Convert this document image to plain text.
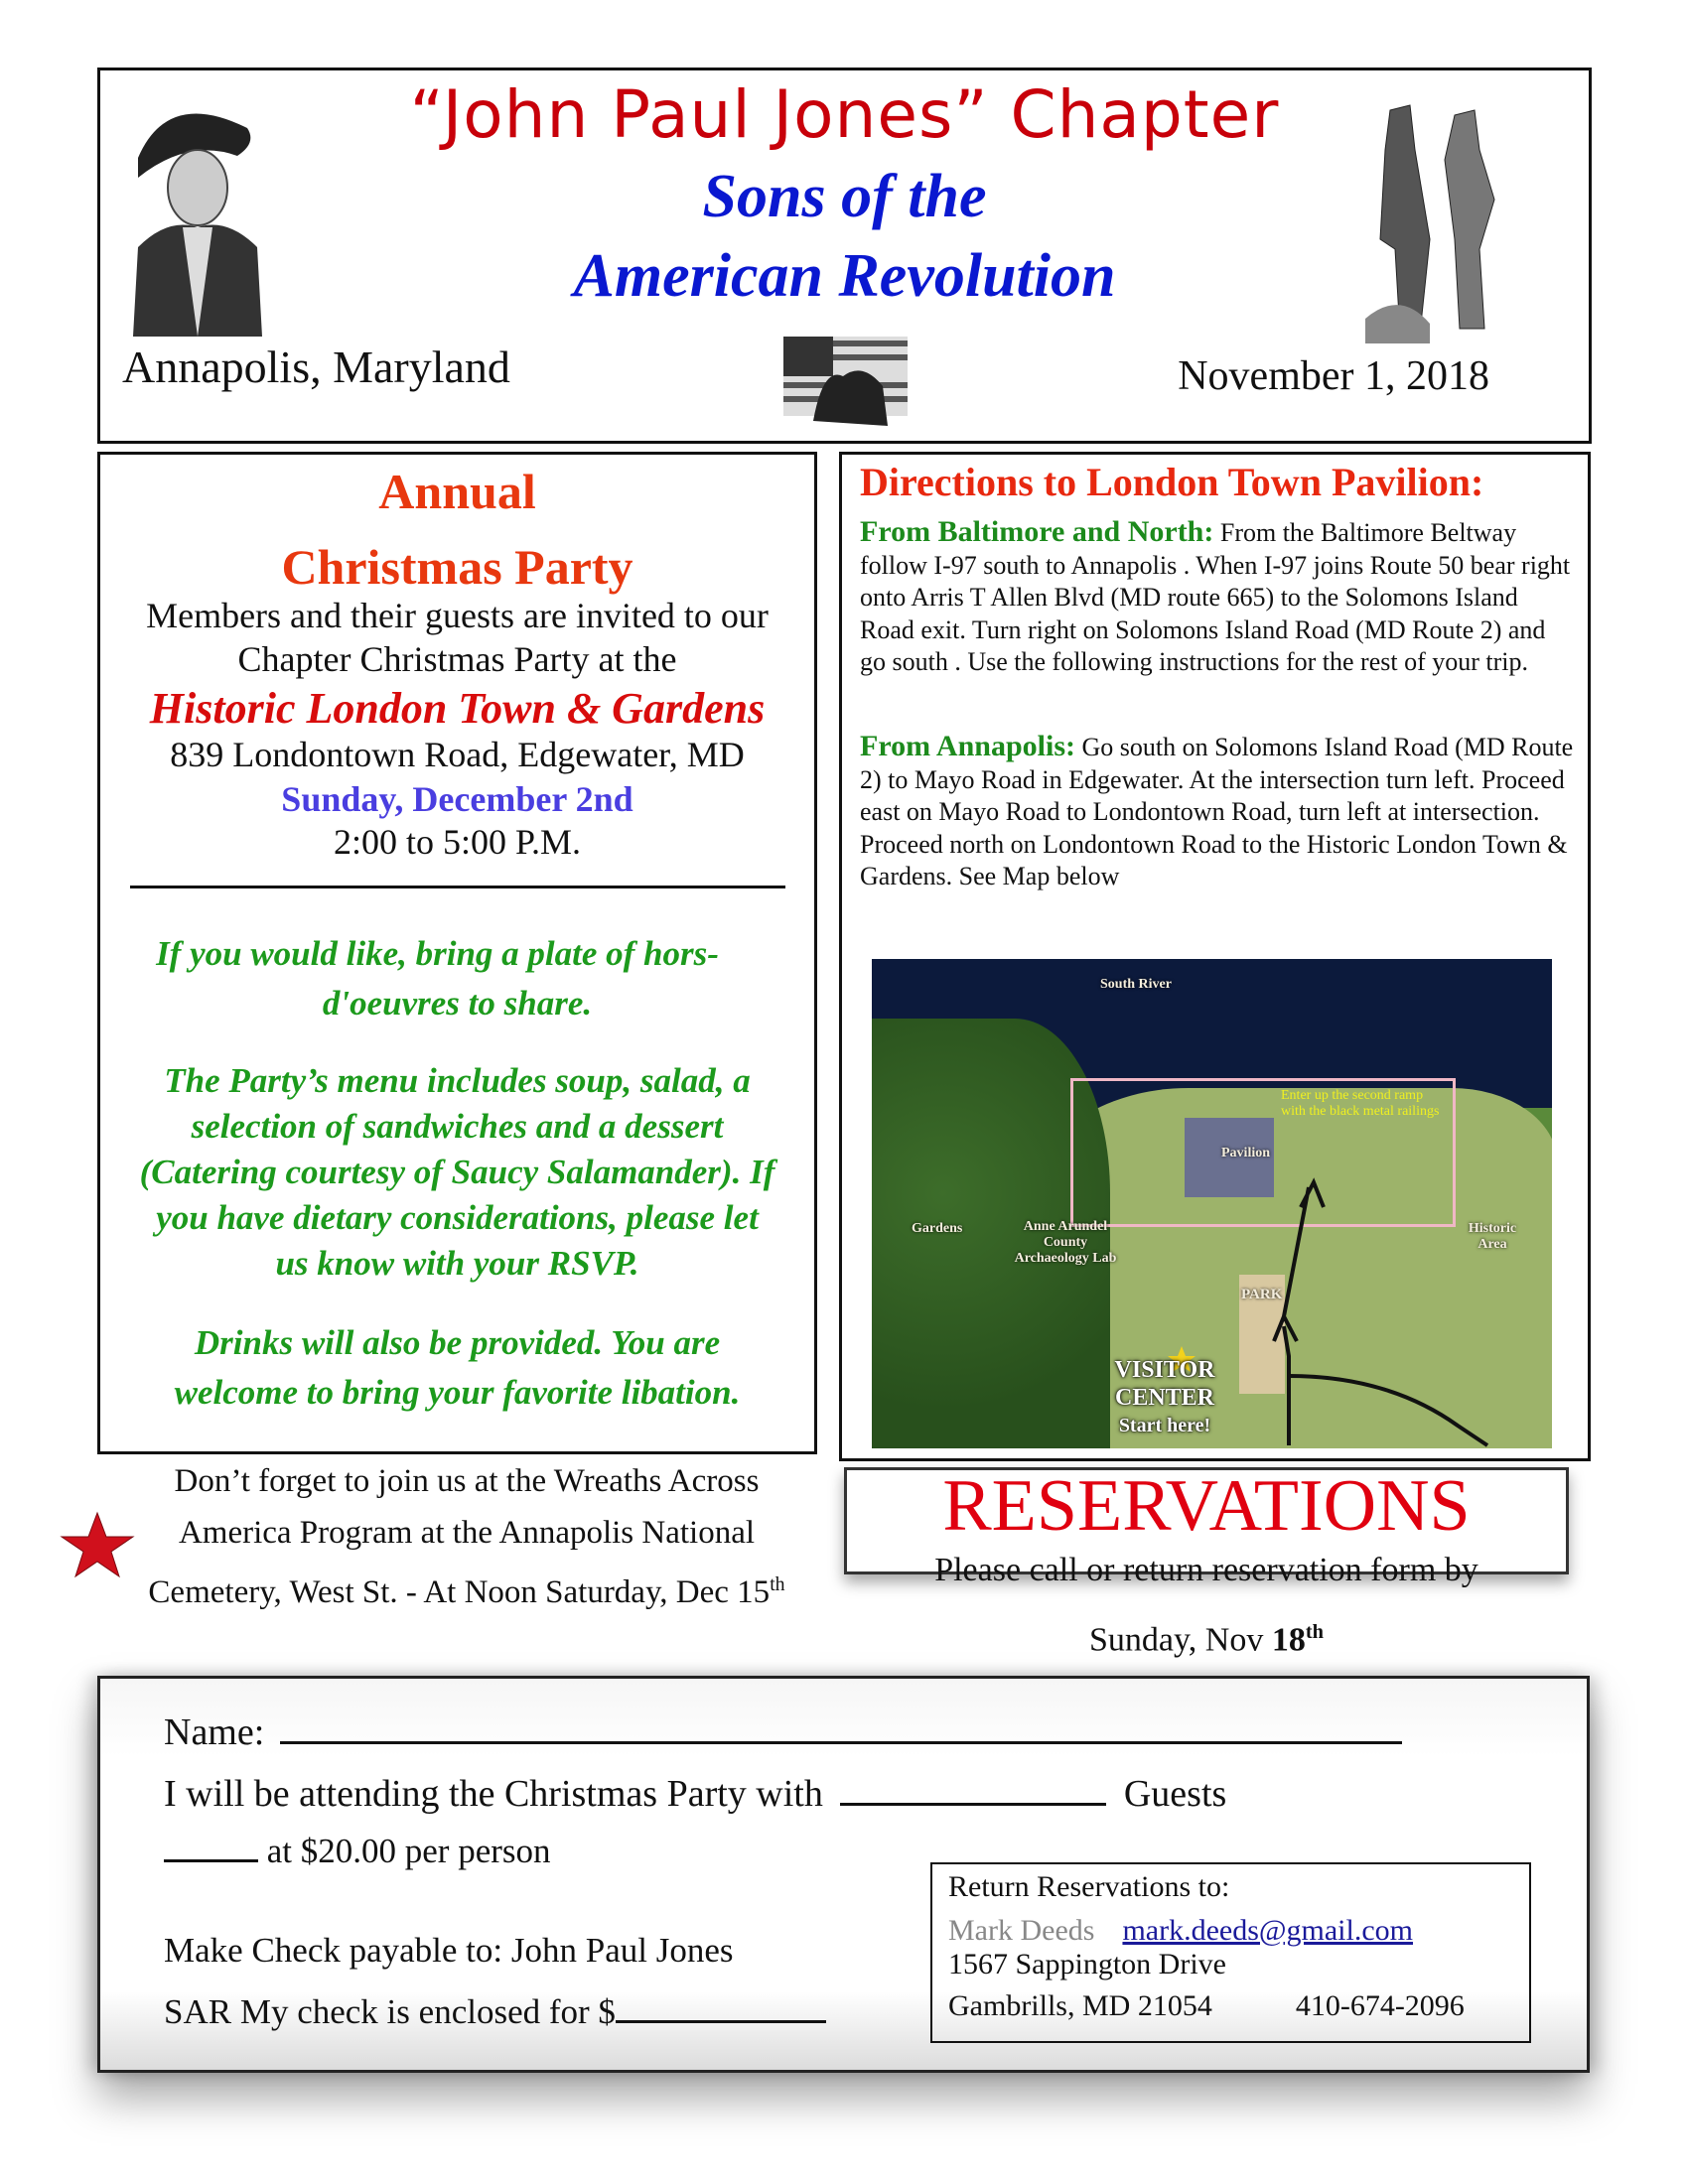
“John Paul Jones” Chapter
Sons of the
American Revolution
Annapolis, Maryland	November 1, 2018
Annual
Christmas Party
Members and their guests are invited to our
Chapter Christmas Party at the
Historic London Town & Gardens
839 Londontown Road, Edgewater, MD
Sunday, December 2nd
2:00 to 5:00 P.M.
If you would like, bring a plate of hors-
d'oeuvres to share.
The Party’s menu includes soup, salad, a
selection of sandwiches and a dessert
(Catering courtesy of Saucy Salamander). If
you have dietary considerations, please let
us know with your RSVP.
Drinks will also be provided. You are
welcome to bring your favorite libation.
Directions to London Town Pavilion:
From Baltimore and North: From the Baltimore Beltway follow I-97 south to Annapolis . When I-97 joins Route 50 bear right onto Arris T Allen Blvd (MD route 665) to the Solomons Island Road exit. Turn right on Solomons Island Road (MD Route 2) and go south . Use the following instructions for the rest of your trip.
From Annapolis: Go south on Solomons Island Road (MD Route 2) to Mayo Road in Edgewater. At the intersection turn left. Proceed east on Mayo Road to Londontown Road, turn left at intersection. Proceed north on Londontown Road to the Historic London Town & Gardens. See Map below
South River
Pavilion
Gardens	Anne Arundel County Archaeology Lab
Historic Area
PARK
Enter up the second ramp with the black metal railings
VISITOR CENTER
Start here!
Don’t forget to join us at the Wreaths Across
America Program at the Annapolis National
Cemetery, West St. - At Noon Saturday, Dec 15th
RESERVATIONS
Please call or return reservation form by
Sunday, Nov 18th
Name:
I will be attending the Christmas Party with	Guests
at $20.00 per person
Make Check payable to: John Paul Jones
SAR My check is enclosed for $
Return Reservations to:
Mark Deeds mark.deeds@gmail.com
1567 Sappington Drive
Gambrills, MD 21054	410-674-2096
